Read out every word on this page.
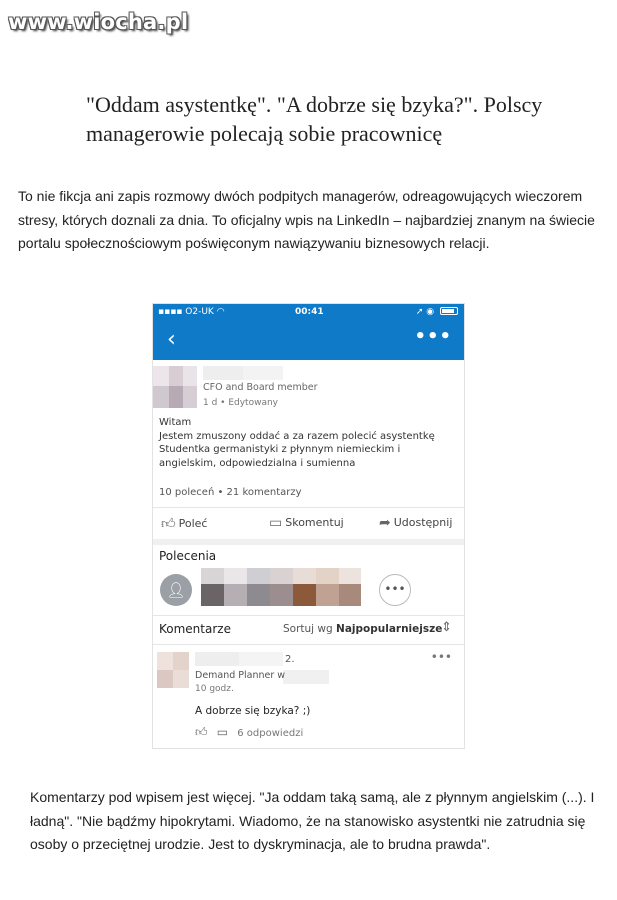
www.wiocha.pl
"Oddam asystentkę". "A dobrze się bzyka?". Polscy managerowie polecają sobie pracownicę

To nie fikcja ani zapis rozmowy dwóch podpitych managerów, odreagowujących wieczorem stresy, których doznali za dnia. To oficjalny wpis na LinkedIn – najbardziej znanym na świecie portalu społecznościowym poświęconym nawiązywaniu biznesowych relacji.

▪▪▪▪ O2-UK ◠	00:41	➚ ◉
‹	•••
CFO and Board member
1 d • Edytowany
Witam
Jestem zmuszony oddać a za razem polecić asystentkę
Studentka germanistyki z płynnym niemieckim i
angielskim, odpowiedzialna i sumienna
10 poleceń • 21 komentarzy
👍︎ Poleć	▭ Skomentuj	➦ Udostępnij
Polecenia
👤︎	•••
Komentarze	Sortuj wg Najpopularniejsze
⇕
2.	•••
Demand Planner w
10 godz.
A dobrze się bzyka? ;)
👍︎ ▭ 6 odpowiedzi

Komentarzy pod wpisem jest więcej. "Ja oddam taką samą, ale z płynnym angielskim (...). I ładną". "Nie bądźmy hipokrytami. Wiadomo, że na stanowisko asystentki nie zatrudnia się osoby o przeciętnej urodzie. Jest to dyskryminacja, ale to brudna prawda".
